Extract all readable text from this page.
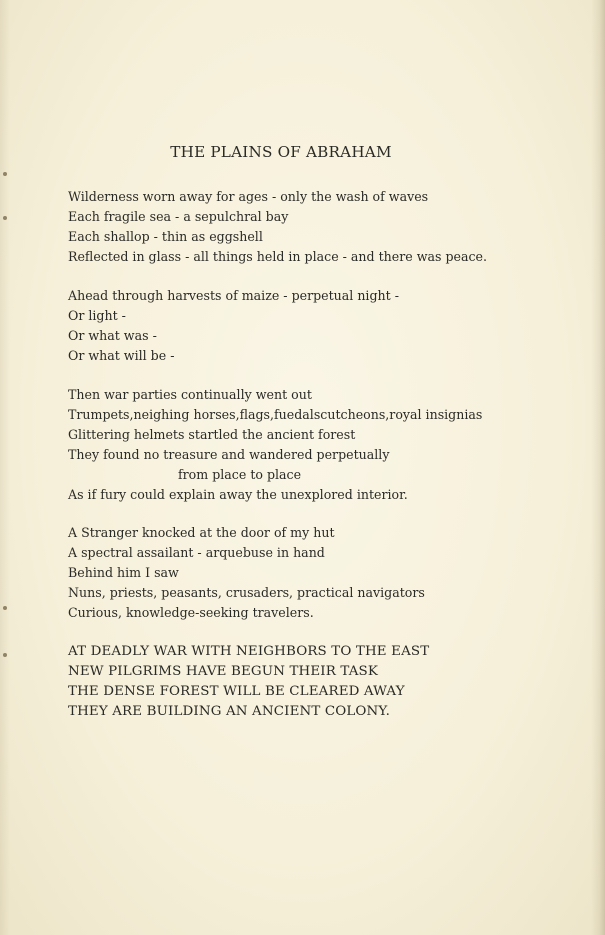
THE PLAINS OF ABRAHAM
Wilderness worn away for ages - only the wash of waves
Each fragile sea - a sepulchral bay
Each shallop - thin as eggshell
Reflected in glass - all things held in place - and there was peace.
Ahead through harvests of maize - perpetual night -
Or light -
Or what was -
Or what will be -
Then war parties continually went out
Trumpets,neighing horses,flags,fuedalscutcheons,royal insignias
Glittering helmets startled the ancient forest
They found no treasure and wandered perpetually
from place to place
As if fury could explain away the unexplored interior.
A Stranger knocked at the door of my hut
A spectral assailant - arquebuse in hand
Behind him I saw
Nuns, priests, peasants, crusaders, practical navigators
Curious, knowledge-seeking travelers.
AT DEADLY WAR WITH NEIGHBORS TO THE EAST
NEW PILGRIMS HAVE BEGUN THEIR TASK
THE DENSE FOREST WILL BE CLEARED AWAY
THEY ARE BUILDING AN ANCIENT COLONY.
